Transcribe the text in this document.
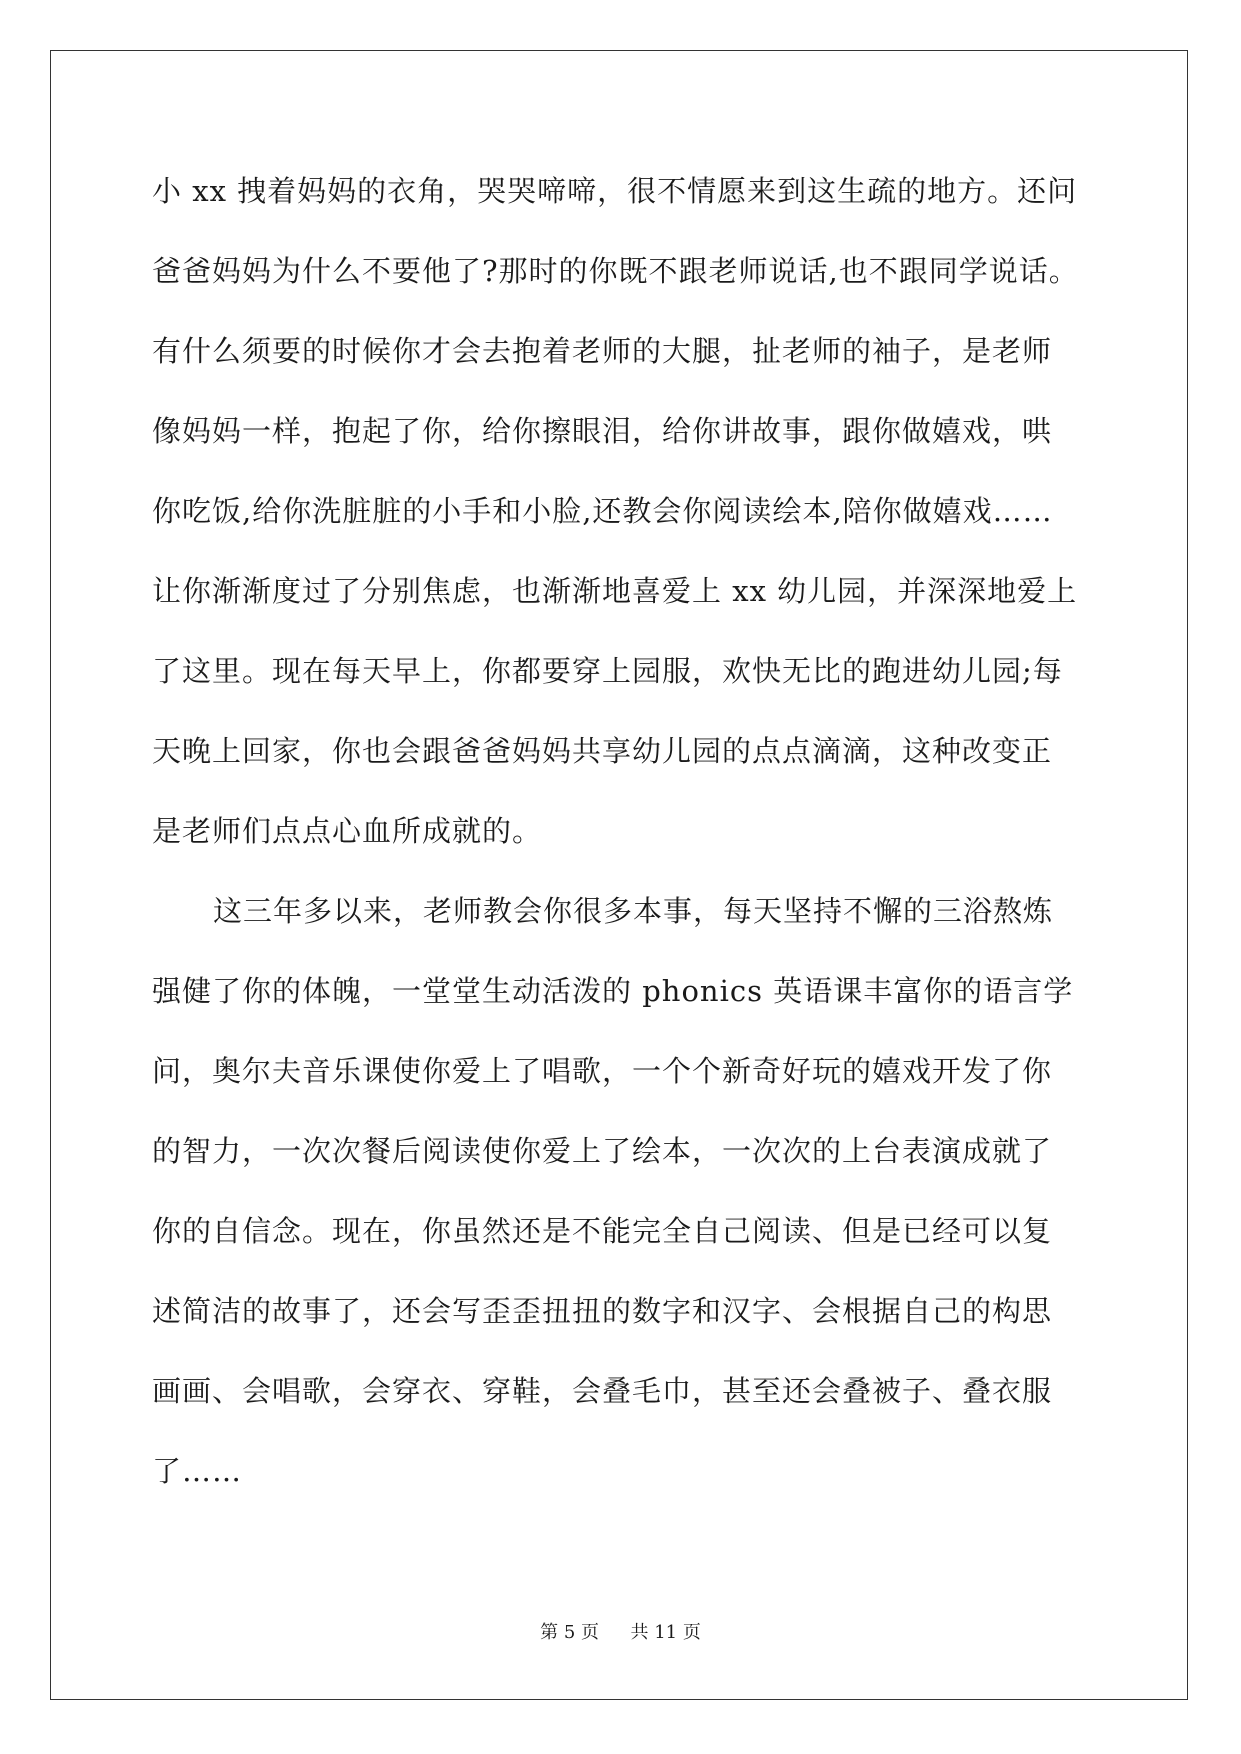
小 xx 拽着妈妈的衣角，哭哭啼啼，很不情愿来到这生疏的地方。还问
爸爸妈妈为什么不要他了?那时的你既不跟老师说话,也不跟同学说话。
有什么须要的时候你才会去抱着老师的大腿，扯老师的袖子，是老师
像妈妈一样，抱起了你，给你擦眼泪，给你讲故事，跟你做嬉戏，哄
你吃饭,给你洗脏脏的小手和小脸,还教会你阅读绘本,陪你做嬉戏……
让你渐渐度过了分别焦虑，也渐渐地喜爱上 xx 幼儿园，并深深地爱上
了这里。现在每天早上，你都要穿上园服，欢快无比的跑进幼儿园;每
天晚上回家，你也会跟爸爸妈妈共享幼儿园的点点滴滴，这种改变正
是老师们点点心血所成就的。
这三年多以来，老师教会你很多本事，每天坚持不懈的三浴熬炼
强健了你的体魄，一堂堂生动活泼的 phonics 英语课丰富你的语言学
问，奥尔夫音乐课使你爱上了唱歌，一个个新奇好玩的嬉戏开发了你
的智力，一次次餐后阅读使你爱上了绘本，一次次的上台表演成就了
你的自信念。现在，你虽然还是不能完全自己阅读、但是已经可以复
述简洁的故事了，还会写歪歪扭扭的数字和汉字、会根据自己的构思
画画、会唱歌，会穿衣、穿鞋，会叠毛巾，甚至还会叠被子、叠衣服
了……
第 5 页 共 11 页
